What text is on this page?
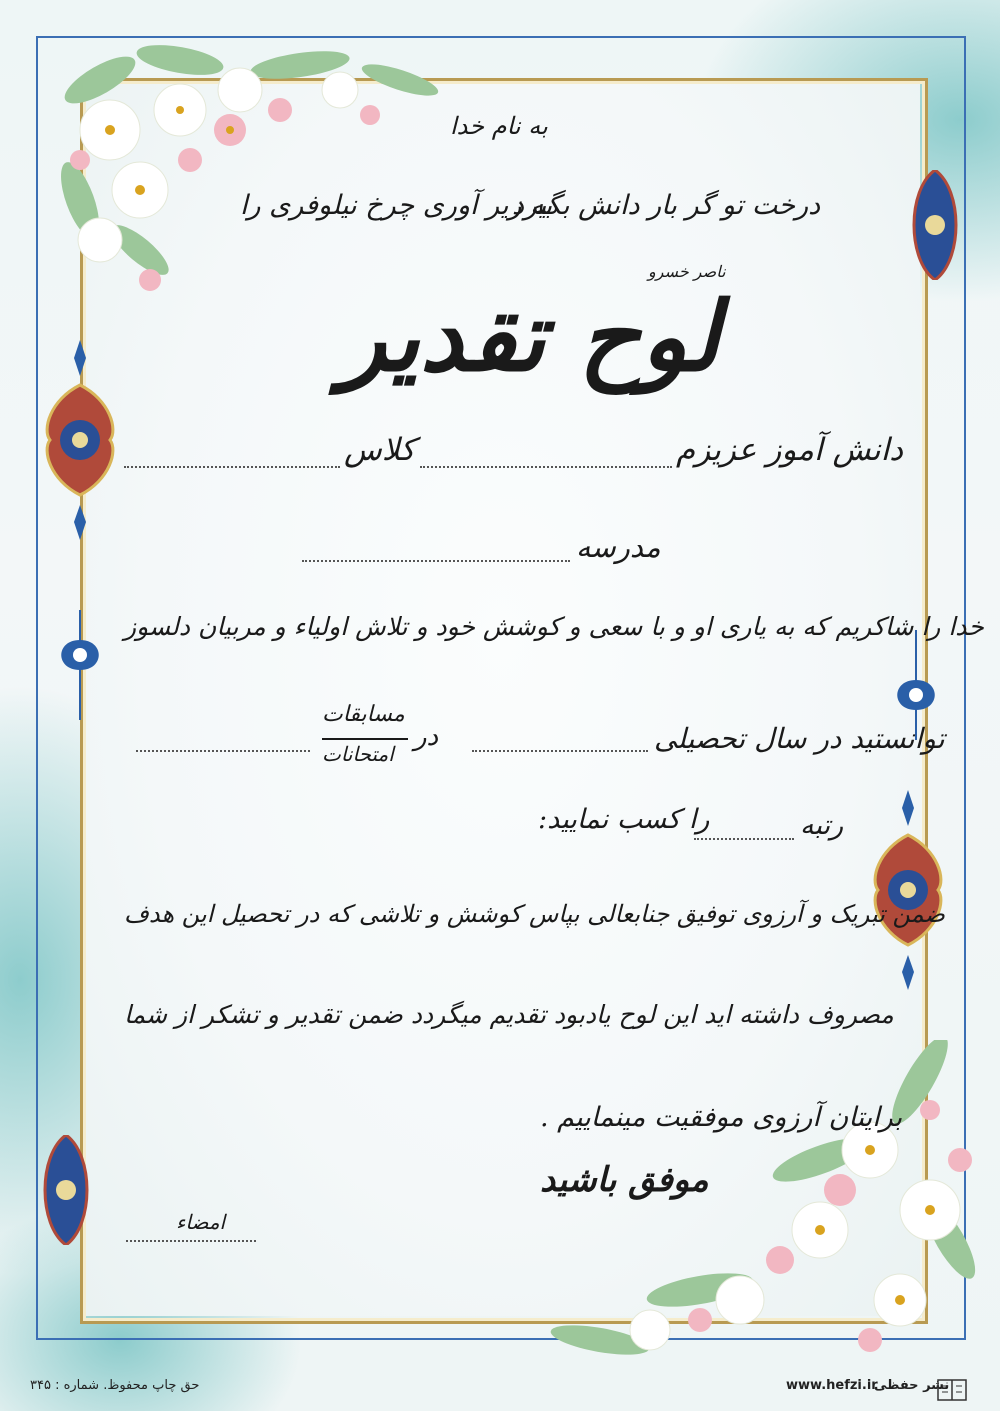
به نام خدا
درخت تو گر بار دانش بگیرد
به زیر آوری چرخ نیلوفری را
ناصر خسرو
لوح تقدیر
دانش آموز عزیزم
کلاس
مدرسه
خدا را شاکریم که به یاری او و با سعی و کوشش خود و تلاش اولیاء و مربیان دلسوز
توانستید در سال تحصیلی
در
مسابقات
امتحانات
رتبه
را کسب نمایید:
ضمن تبریک و آرزوی توفیق جنابعالی بپاس کوشش و تلاشی که در تحصیل این هدف
مصروف داشته اید این لوح یادبود تقدیم میگردد ضمن تقدیر و تشکر از شما
برایتان آرزوی موفقیت مینماییم .
موفق باشید
امضاء
حق چاپ محفوظ. شماره : ۳۴۵	www.hefzi.ir
نشر حفظی
